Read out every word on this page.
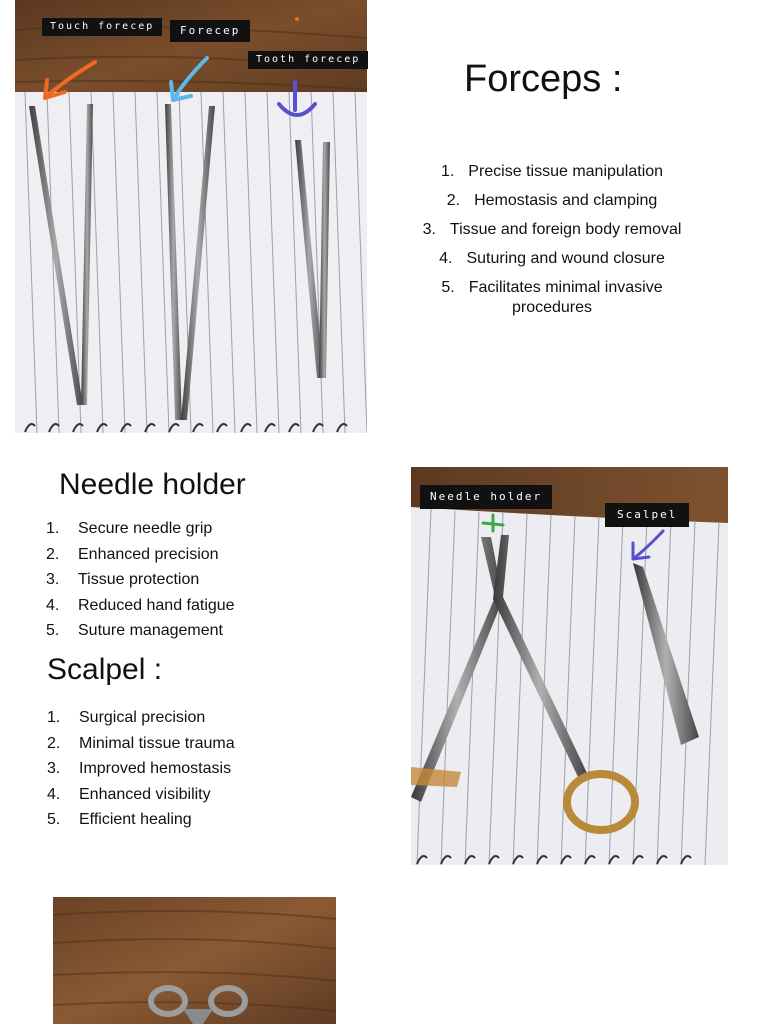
Touch forecep	Forecep
Tooth forecep	Forceps :
1. Precise tissue manipulation
2. Hemostasis and clamping
3. Tissue and foreign body removal
4. Suturing and wound closure
5. Facilitates minimal invasive procedures
Needle holder
1. Secure needle grip
2. Enhanced precision
3. Tissue protection
4. Reduced hand fatigue
5. Suture management
Scalpel :
1. Surgical precision
2. Minimal tissue trauma
3. Improved hemostasis
4. Enhanced visibility
5. Efficient healing
Needle holder
Scalpel
